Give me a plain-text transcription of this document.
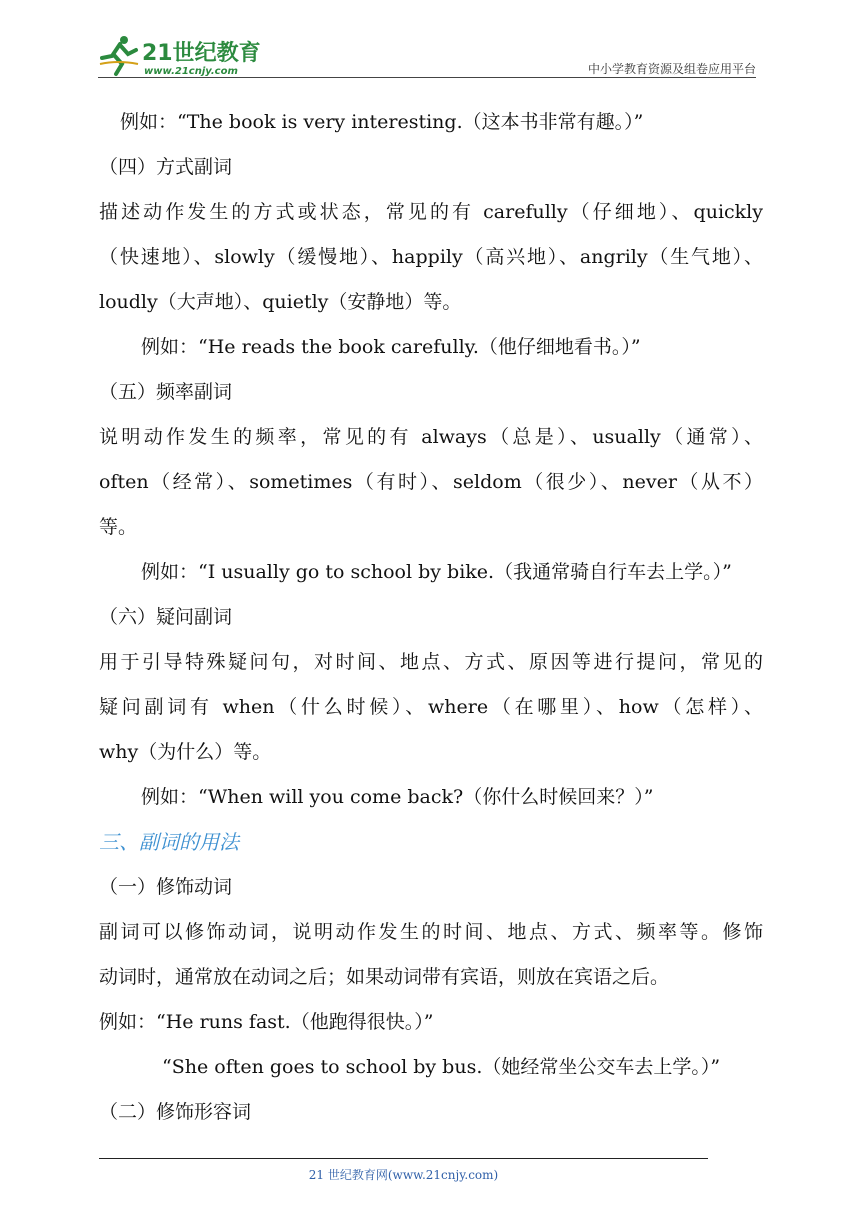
21世纪教育
www.21cnjy.com	中小学教育资源及组卷应用平台
例如：“The book is very interesting.（这本书非常有趣。）”
（四）方式副词
描述动作发生的方式或状态，常见的有 carefully（仔细地）、quickly
（快速地）、slowly（缓慢地）、happily（高兴地）、angrily（生气地）、
loudly（大声地）、quietly（安静地）等。
例如：“He reads the book carefully.（他仔细地看书。）”
（五）频率副词
说明动作发生的频率，常见的有 always（总是）、usually（通常）、
often（经常）、sometimes（有时）、seldom（很少）、never（从不）
等。
例如：“I usually go to school by bike.（我通常骑自行车去上学。）”
（六）疑问副词
用于引导特殊疑问句，对时间、地点、方式、原因等进行提问，常见的
疑问副词有 when（什么时候）、where（在哪里）、how（怎样）、
why（为什么）等。
例如：“When will you come back?（你什么时候回来？）”
三、副词的用法
（一）修饰动词
副词可以修饰动词，说明动作发生的时间、地点、方式、频率等。修饰
动词时，通常放在动词之后；如果动词带有宾语，则放在宾语之后。
例如：“He runs fast.（他跑得很快。）”
“She often goes to school by bus.（她经常坐公交车去上学。）”
（二）修饰形容词
21 世纪教育网(www.21cnjy.com)
